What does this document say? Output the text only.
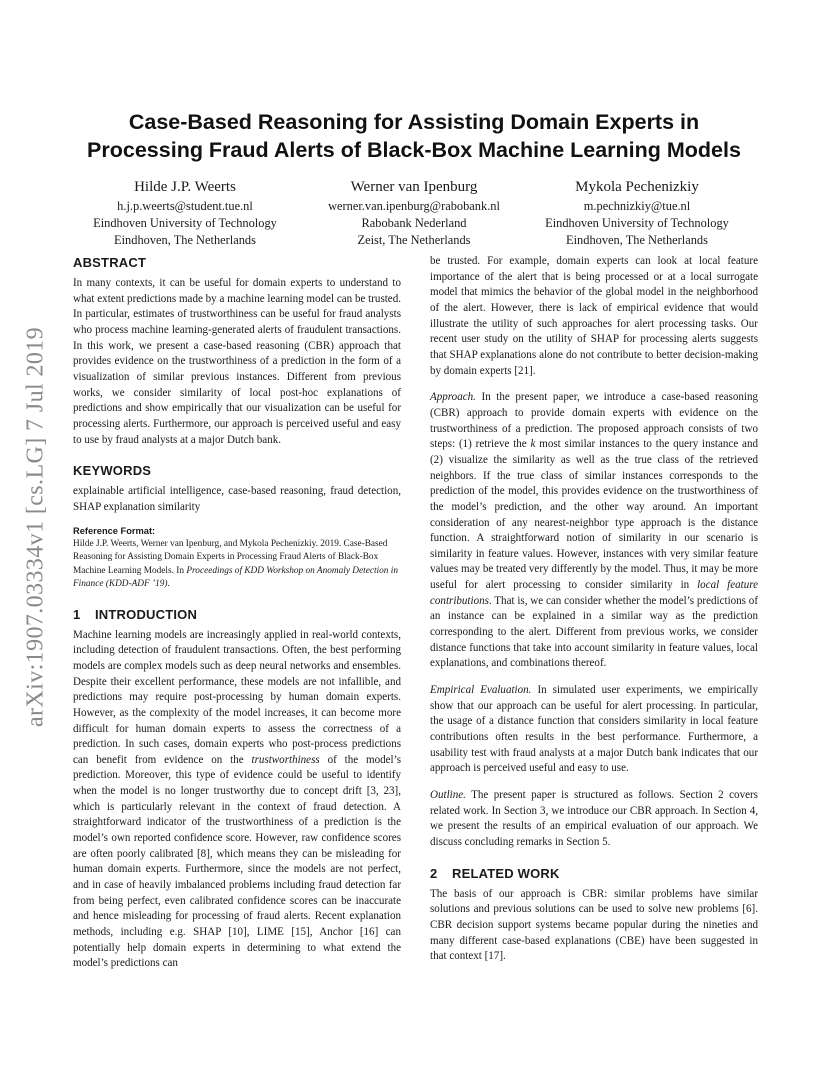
arXiv:1907.03334v1 [cs.LG] 7 Jul 2019
Case-Based Reasoning for Assisting Domain Experts in
Processing Fraud Alerts of Black-Box Machine Learning Models
Hilde J.P. Weerts
h.j.p.weerts@student.tue.nl
Eindhoven University of Technology
Eindhoven, The Netherlands
Werner van Ipenburg
werner.van.ipenburg@rabobank.nl
Rabobank Nederland
Zeist, The Netherlands
Mykola Pechenizkiy
m.pechnizkiy@tue.nl
Eindhoven University of Technology
Eindhoven, The Netherlands
ABSTRACT

In many contexts, it can be useful for domain experts to understand to what extent predictions made by a machine learning model can be trusted. In particular, estimates of trustworthiness can be useful for fraud analysts who process machine learning-generated alerts of fraudulent transactions. In this work, we present a case-based reasoning (CBR) approach that provides evidence on the trustworthiness of a prediction in the form of a visualization of similar previous instances. Different from previous works, we consider similarity of local post-hoc explanations of predictions and show empirically that our visualization can be useful for processing alerts. Furthermore, our approach is perceived useful and easy to use by fraud analysts at a major Dutch bank.

KEYWORDS

explainable artificial intelligence, case-based reasoning, fraud detection, SHAP explanation similarity

Reference Format:
Hilde J.P. Weerts, Werner van Ipenburg, and Mykola Pechenizkiy. 2019. Case-Based Reasoning for Assisting Domain Experts in Processing Fraud Alerts of Black-Box Machine Learning Models. In Proceedings of KDD Workshop on Anomaly Detection in Finance (KDD-ADF ’19).
1 INTRODUCTION

Machine learning models are increasingly applied in real-world contexts, including detection of fraudulent transactions. Often, the best performing models are complex models such as deep neural networks and ensembles. Despite their excellent performance, these models are not infallible, and predictions may require post-processing by human domain experts. However, as the complexity of the model increases, it can become more difficult for human domain experts to assess the correctness of a prediction. In such cases, domain experts who post-process predictions can benefit from evidence on the trustworthiness of the model’s prediction. Moreover, this type of evidence could be useful to identify when the model is no longer trustworthy due to concept drift [3, 23], which is particularly relevant in the context of fraud detection. A straightforward indicator of the trustworthiness of a prediction is the model’s own reported confidence score. However, raw confidence scores are often poorly calibrated [8], which means they can be misleading for human domain experts. Furthermore, since the models are not perfect, and in case of heavily imbalanced problems including fraud detection far from being perfect, even calibrated confidence scores can be inaccurate and hence misleading for processing of fraud alerts. Recent explanation methods, including e.g. SHAP [10], LIME [15], Anchor [16] can potentially help domain experts in determining to what extend the model’s predictions can

be trusted. For example, domain experts can look at local feature importance of the alert that is being processed or at a local surrogate model that mimics the behavior of the global model in the neighborhood of the alert. However, there is lack of empirical evidence that would illustrate the utility of such approaches for alert processing tasks. Our recent user study on the utility of SHAP for processing alerts suggests that SHAP explanations alone do not contribute to better decision-making by domain experts [21].

Approach. In the present paper, we introduce a case-based reasoning (CBR) approach to provide domain experts with evidence on the trustworthiness of a prediction. The proposed approach consists of two steps: (1) retrieve the k most similar instances to the query instance and (2) visualize the similarity as well as the true class of the retrieved neighbors. If the true class of similar instances corresponds to the prediction of the model, this provides evidence on the trustworthiness of the model’s prediction, and the other way around. An important consideration of any nearest-neighbor type approach is the distance function. A straightforward notion of similarity in our scenario is similarity in feature values. However, instances with very similar feature values may be treated very differently by the model. Thus, it may be more useful for alert processing to consider similarity in local feature contributions. That is, we can consider whether the model’s predictions of an instance can be explained in a similar way as the prediction corresponding to the alert. Different from previous works, we consider distance functions that take into account similarity in feature values, local explanations, and combinations thereof.

Empirical Evaluation. In simulated user experiments, we empirically show that our approach can be useful for alert processing. In particular, the usage of a distance function that considers similarity in local feature contributions often results in the best performance. Furthermore, a usability test with fraud analysts at a major Dutch bank indicates that our approach is perceived useful and easy to use.

Outline. The present paper is structured as follows. Section 2 covers related work. In Section 3, we introduce our CBR approach. In Section 4, we present the results of an empirical evaluation of our approach. We discuss concluding remarks in Section 5.

2 RELATED WORK

The basis of our approach is CBR: similar problems have similar solutions and previous solutions can be used to solve new problems [6]. CBR decision support systems became popular during the nineties and many different case-based explanations (CBE) have been suggested in that context [17].
